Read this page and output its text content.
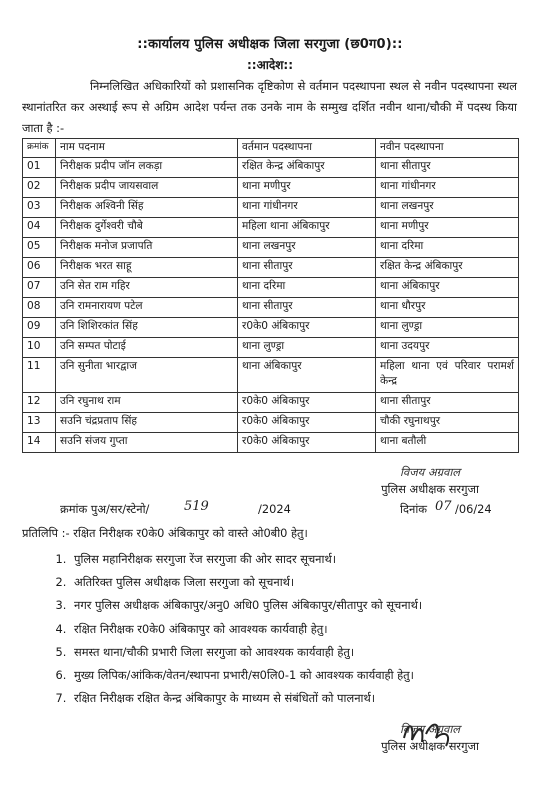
::कार्यालय पुलिस अधीक्षक जिला सरगुजा (छ0ग0)::
::आदेश::

निम्नलिखित अधिकारियों को प्रशासनिक दृष्टिकोण से वर्तमान पदस्थापना स्थल से नवीन पदस्थापना स्थल स्थानांतरित कर अस्थाई रूप से अग्रिम आदेश पर्यन्त तक उनके नाम के सम्मुख दर्शित नवीन थाना/चौकी में पदस्थ किया जाता है :-

क्रमांक	नाम पदनाम	वर्तमान पदस्थापना	नवीन पदस्थापना
01	निरीक्षक प्रदीप जॉन लकड़ा	रक्षित केन्द्र अंबिकापुर	थाना सीतापुर
02	निरीक्षक प्रदीप जायसवाल	थाना मणीपुर	थाना गांधीनगर
03	निरीक्षक अश्विनी सिंह	थाना गांधीनगर	थाना लखनपुर
04	निरीक्षक दुर्गेश्वरी चौबे	महिला थाना अंबिकापुर	थाना मणीपुर
05	निरीक्षक मनोज प्रजापति	थाना लखनपुर	थाना दरिमा
06	निरीक्षक भरत साहू	थाना सीतापुर	रक्षित केन्द्र अंबिकापुर
07	उनि सेत राम गहिर	थाना दरिमा	थाना अंबिकापुर
08	उनि रामनारायण पटेल	थाना सीतापुर	थाना धौरपुर
09	उनि शिशिरकांत सिंह	र0के0 अंबिकापुर	थाना लुण्ड्रा
10	उनि सम्पत पोटाई	थाना लुण्ड्रा	थाना उदयपुर
11	उनि सुनीता भारद्वाज	थाना अंबिकापुर	महिला थाना एवं परिवार परामर्श केन्द्र
12	उनि रघुनाथ राम	र0के0 अंबिकापुर	थाना सीतापुर
13	सउनि चंद्रप्रताप सिंह	र0के0 अंबिकापुर	चौकी रघुनाथपुर
14	सउनि संजय गुप्ता	र0के0 अंबिकापुर	थाना बतौली
विजय अग्रवाल
पुलिस अधीक्षक सरगुजा
क्रमांक पुअ/सर/स्टेनो/	519	/2024	दिनांक 07 /06/24
प्रतिलिपि :- रक्षित निरीक्षक र0के0 अंबिकापुर को वास्ते ओ0बी0 हेतु।
1. पुलिस महानिरीक्षक सरगुजा रेंज सरगुजा की ओर सादर सूचनार्थ।
2. अतिरिक्त पुलिस अधीक्षक जिला सरगुजा को सूचनार्थ।
3. नगर पुलिस अधीक्षक अंबिकापुर/अनु0 अधि0 पुलिस अंबिकापुर/सीतापुर को सूचनार्थ।
4. रक्षित निरीक्षक र0के0 अंबिकापुर को आवश्यक कार्यवाही हेतु।
5. समस्त थाना/चौकी प्रभारी जिला सरगुजा को आवश्यक कार्यवाही हेतु।
6. मुख्य लिपिक/आंकिक/वेतन/स्थापना प्रभारी/स0लि0-1 को आवश्यक कार्यवाही हेतु।
7. रक्षित निरीक्षक रक्षित केन्द्र अंबिकापुर के माध्यम से संबंधितों को पालनार्थ।
विजय अग्रवाल
पुलिस अधीक्षक सरगुजा
